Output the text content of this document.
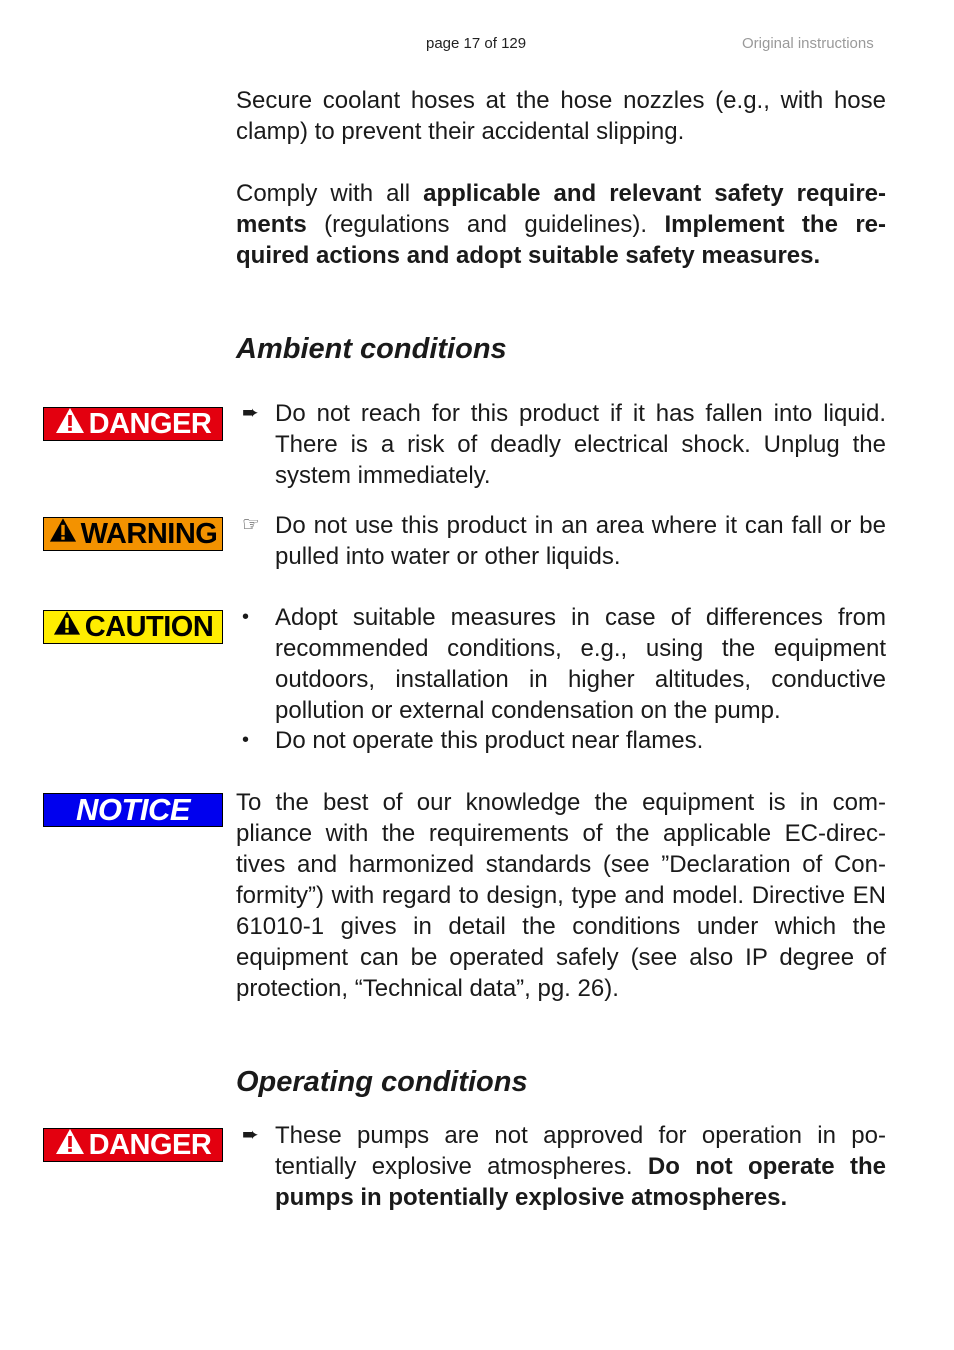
page 17 of 129	Original instructions
Secure coolant hoses at the hose nozzles (e.g., with hose clamp) to prevent their accidental slipping.
Comply with all applicable and relevant safety require-ments (regulations and guidelines). Implement the re-quired actions and adopt suitable safety measures.
Ambient conditions
DANGER ➨ Do not reach for this product if it has fallen into liquid. There is a risk of deadly electrical shock. Unplug the system immediately.
WARNING ☞ Do not use this product in an area where it can fall or be pulled into water or other liquids.
CAUTION •	Adopt suitable measures in case of differences from recommended conditions, e.g., using the equipment outdoors, installation in higher altitudes, conductive pollution or external condensation on the pump.
•	Do not operate this product near flames.
NOTICE To the best of our knowledge the equipment is in com-pliance with the requirements of the applicable EC-direc-tives and harmonized standards (see ”Declaration of Con-formity”) with regard to design, type and model. Directive EN 61010-1 gives in detail the conditions under which the equipment can be operated safely (see also IP degree of protection, “Technical data”, pg. 26).
Operating conditions
DANGER ➨ These pumps are not approved for operation in po-tentially explosive atmospheres. Do not operate the pumps in potentially explosive atmospheres.
